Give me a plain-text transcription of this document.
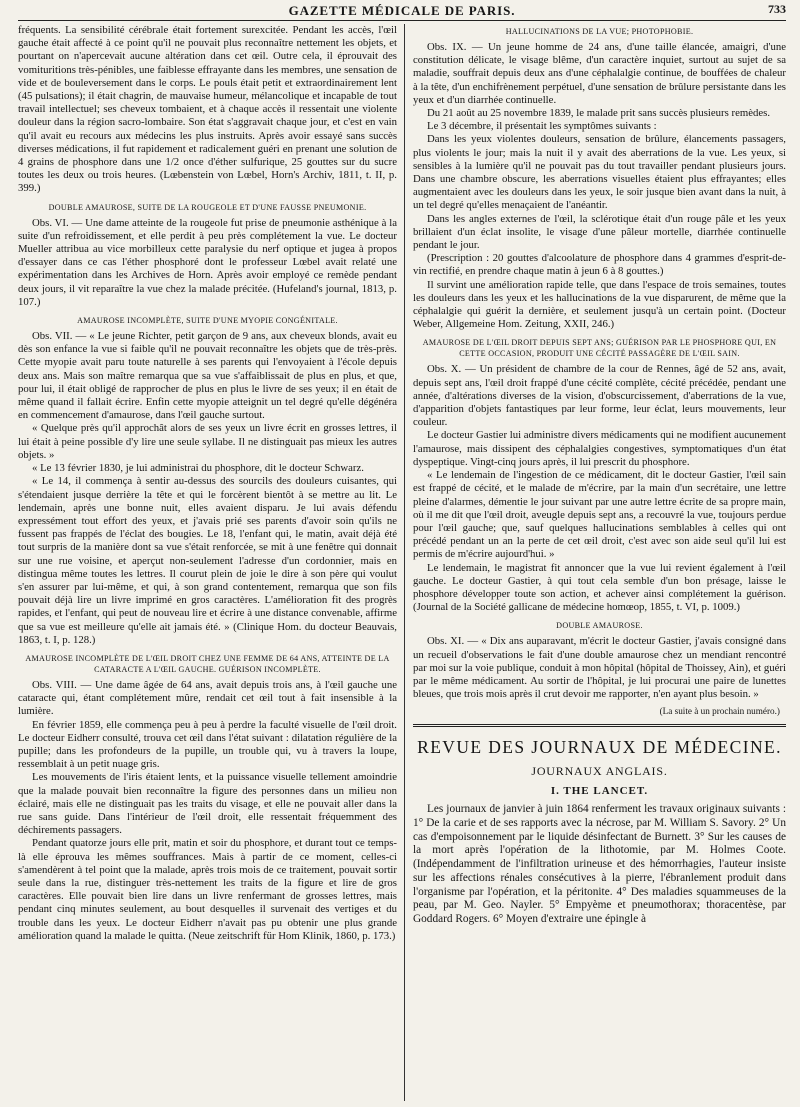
GAZETTE MÉDICALE DE PARIS.	733

fréquents. La sensibilité cérébrale était fortement surexcitée. Pendant les accès, l'œil gauche était affecté à ce point qu'il ne pouvait plus reconnaître nettement les objets, et pourtant on n'apercevait aucune altération dans cet œil. Outre cela, il éprouvait des vomituritions très-pénibles, une faiblesse effrayante dans les membres, une sensation de vide et de bouleversement dans le corps. Le pouls était petit et extraordinairement lent (45 pulsations); il était chagrin, de mauvaise humeur, mélancolique et incapable de tout travail intellectuel; ses cheveux tombaient, et à chaque accès il ressentait une violente douleur dans la région sacro-lombaire. Son état s'aggravait chaque jour, et c'est en vain qu'il avait eu recours aux médecins les plus instruits. Après avoir essayé sans succès diverses médications, il fut rapidement et radicalement guéri en prenant une solution de 4 grains de phosphore dans une 1/2 once d'éther sulfurique, 25 gouttes sur du sucre toutes les deux ou trois heures. (Lœbenstein von Lœbel, Horn's Archiv, 1811, t. II, p. 399.)

DOUBLE AMAUROSE, SUITE DE LA ROUGEOLE ET D'UNE FAUSSE PNEUMONIE.

Obs. VI. — Une dame atteinte de la rougeole fut prise de pneumonie asthénique à la suite d'un refroidissement, et elle perdit à peu près complétement la vue. Le docteur Mueller attribua au vice morbilleux cette paralysie du nerf optique et jugea à propos d'essayer dans ce cas l'éther phosphoré dont le professeur Lœbel avait relaté une expérimentation dans les Archives de Horn. Après avoir employé ce remède pendant deux jours, il vit reparaître la vue chez la malade précitée. (Hufeland's journal, 1813, p. 107.)

AMAUROSE INCOMPLÈTE, SUITE D'UNE MYOPIE CONGÉNITALE.

Obs. VII. — « Le jeune Richter, petit garçon de 9 ans, aux cheveux blonds, avait eu dès son enfance la vue si faible qu'il ne pouvait reconnaître les objets que de très-près. Cette myopie avait paru toute naturelle à ses parents qui l'envoyaient à l'école depuis deux ans. Mais son maître remarqua que sa vue s'affaiblissait de plus en plus, et que, pour lui, il était obligé de rapprocher de plus en plus le livre de ses yeux; il en était de même quand il fallait écrire. Enfin cette myopie atteignit un tel degré qu'elle dégénéra en commencement d'amaurose, dans l'œil gauche surtout.

« Quelque près qu'il approchât alors de ses yeux un livre écrit en grosses lettres, il lui était à peine possible d'y lire une seule syllabe. Il ne distinguait pas mieux les autres objets. »

« Le 13 février 1830, je lui administrai du phosphore, dit le docteur Schwarz.

« Le 14, il commença à sentir au-dessus des sourcils des douleurs cuisantes, qui s'étendaient jusque derrière la tête et qui le forcèrent bientôt à se mettre au lit. Le lendemain, après une bonne nuit, elles avaient disparu. Je lui avais défendu expressément tout effort des yeux, et j'avais prié ses parents d'avoir soin qu'ils ne fussent pas frappés de l'éclat des bougies. Le 18, l'enfant qui, le matin, avait déjà été tout surpris de la manière dont sa vue s'était renforcée, se mit à une fenêtre qui donnait sur une rue voisine, et aperçut non-seulement l'adresse d'un cordonnier, mais en distingua même toutes les lettres. Il courut plein de joie le dire à son père qui voulut s'en assurer par lui-même, et qui, à son grand contentement, remarqua que son fils pouvait déjà lire un livre imprimé en gros caractères. L'amélioration fit des progrès rapides, et l'enfant, qui peut de nouveau lire et écrire à une distance convenable, affirme que sa vue est meilleure qu'elle ait jamais été. » (Clinique Hom. du docteur Beauvais, 1863, t. I, p. 128.)

AMAUROSE INCOMPLÈTE DE L'ŒIL DROIT CHEZ UNE FEMME DE 64 ANS, ATTEINTE DE LA CATARACTE A L'ŒIL GAUCHE. GUÉRISON INCOMPLÈTE.

Obs. VIII. — Une dame âgée de 64 ans, avait depuis trois ans, à l'œil gauche une cataracte qui, étant complétement mûre, rendait cet œil tout à fait insensible à la lumière.

En février 1859, elle commença peu à peu à perdre la faculté visuelle de l'œil droit. Le docteur Eidherr consulté, trouva cet œil dans l'état suivant : dilatation régulière de la pupille; dans les profondeurs de la pupille, un trouble qui, vu à travers la loupe, ressemblait à un petit nuage gris.

Les mouvements de l'iris étaient lents, et la puissance visuelle tellement amoindrie que la malade pouvait bien reconnaître la figure des personnes dans un milieu non éclairé, mais elle ne distinguait pas les traits du visage, et elle ne pouvait aller dans la rue sans guide. Dans l'intérieur de l'œil droit, elle ressentait fréquemment des déchirements passagers.

Pendant quatorze jours elle prit, matin et soir du phosphore, et durant tout ce temps-là elle éprouva les mêmes souffrances. Mais à partir de ce moment, celles-ci s'amendèrent à tel point que la malade, après trois mois de ce traitement, pouvait sortir seule dans la rue, distinguer très-nettement les traits de la figure et lire de gros caractères. Elle pouvait bien lire dans un livre renfermant de grosses lettres, mais pendant cinq minutes seulement, au bout desquelles il survenait des vertiges et du trouble dans les yeux. Le docteur Eidherr n'avait pas pu obtenir une plus grande amélioration quand la malade le quitta. (Neue zeitschrift für Hom Klinik, 1860, p. 173.)

HALLUCINATIONS DE LA VUE; PHOTOPHOBIE.

Obs. IX. — Un jeune homme de 24 ans, d'une taille élancée, amaigri, d'une constitution délicate, le visage blême, d'un caractère inquiet, surtout au sujet de sa maladie, souffrait depuis deux ans d'une céphalalgie continue, de bouffées de chaleur à la tête, d'un enchifrènement perpétuel, d'une sensation de brûlure persistante dans les yeux et d'un diarrhée continuelle.

Du 21 août au 25 novembre 1839, le malade prit sans succès plusieurs remèdes.

Le 3 décembre, il présentait les symptômes suivants :

Dans les yeux violentes douleurs, sensation de brûlure, élancements passagers, plus violents le jour; mais la nuit il y avait des aberrations de la vue. Les yeux, si sensibles à la lumière qu'il ne pouvait pas du tout travailler pendant plusieurs jours. Dans une chambre obscure, les aberrations visuelles étaient plus effrayantes; elles augmentaient avec les douleurs dans les yeux, le soir jusque bien avant dans la nuit, à un tel degré qu'elles menaçaient de l'anéantir.

Dans les angles externes de l'œil, la sclérotique était d'un rouge pâle et les yeux brillaient d'un éclat insolite, le visage d'une pâleur mortelle, diarrhée continuelle pendant le jour.

(Prescription : 20 gouttes d'alcoolature de phosphore dans 4 grammes d'esprit-de-vin rectifié, en prendre chaque matin à jeun 6 à 8 gouttes.)

Il survint une amélioration rapide telle, que dans l'espace de trois semaines, toutes les douleurs dans les yeux et les hallucinations de la vue disparurent, de même que la céphalalgie qui guérit la dernière, et seulement jusqu'à un certain point. (Docteur Weber, Allgemeine Hom. Zeitung, XXII, 246.)

AMAUROSE DE L'ŒIL DROIT DEPUIS SEPT ANS; GUÉRISON PAR LE PHOSPHORE QUI, EN CETTE OCCASION, PRODUIT UNE CÉCITÉ PASSAGÈRE DE L'ŒIL SAIN.

Obs. X. — Un président de chambre de la cour de Rennes, âgé de 52 ans, avait, depuis sept ans, l'œil droit frappé d'une cécité complète, cécité précédée, pendant une année, d'altérations diverses de la vision, d'obscurcissement, d'aberrations de la vue, d'apparition d'objets fantastiques par leur forme, leur éclat, leurs mouvements, leur couleur.

Le docteur Gastier lui administre divers médicaments qui ne modifient aucunement l'amaurose, mais dissipent des céphalalgies congestives, symptomatiques d'un état dyspeptique. Vingt-cinq jours après, il lui prescrit du phosphore.

« Le lendemain de l'ingestion de ce médicament, dit le docteur Gastier, l'œil sain est frappé de cécité, et le malade de m'écrire, par la main d'un secrétaire, une lettre pleine d'alarmes, démentie le jour suivant par une autre lettre écrite de sa propre main, où il me dit que l'œil droit, aveugle depuis sept ans, a recouvré la vue, toujours perdue pour l'œil gauche; que, sauf quelques hallucinations semblables à celles qui ont précédé pendant un an la perte de cet œil droit, c'est avec son aide seul qu'il lui est permis de m'écrire aujourd'hui. »

Le lendemain, le magistrat fit annoncer que la vue lui revient également à l'œil gauche. Le docteur Gastier, à qui tout cela semble d'un bon présage, laisse le phosphore développer toute son action, et achever ainsi complétement la guérison. (Journal de la Société gallicane de médecine homœop, 1855, t. VI, p. 1009.)

DOUBLE AMAUROSE.

Obs. XI. — « Dix ans auparavant, m'écrit le docteur Gastier, j'avais consigné dans un recueil d'observations le fait d'une double amaurose chez un mendiant rencontré par moi sur la voie publique, conduit à mon hôpital (hôpital de Thoissey, Ain), et guéri par le même médicament. Au sortir de l'hôpital, je lui procurai une paire de lunettes bleues, que trois mois après il crut devoir me rapporter, n'en ayant plus besoin. »

(La suite à un prochain numéro.)
REVUE DES JOURNAUX DE MÉDECINE.
JOURNAUX ANGLAIS.
I. THE LANCET.

Les journaux de janvier à juin 1864 renferment les travaux originaux suivants : 1° De la carie et de ses rapports avec la nécrose, par M. William S. Savory. 2° Un cas d'empoisonnement par le liquide désinfectant de Burnett. 3° Sur les causes de la mort après l'opération de la lithotomie, par M. Holmes Coote. (Indépendamment de l'infiltration urineuse et des hémorrhagies, l'auteur insiste sur les affections rénales consécutives à la pierre, l'ébranlement produit dans l'organisme par l'opération, et la péritonite. 4° Des maladies squammeuses de la peau, par M. Geo. Nayler. 5° Empyème et pneumothorax; thoracentèse, par Goddard Rogers. 6° Moyen d'extraire une épingle à
